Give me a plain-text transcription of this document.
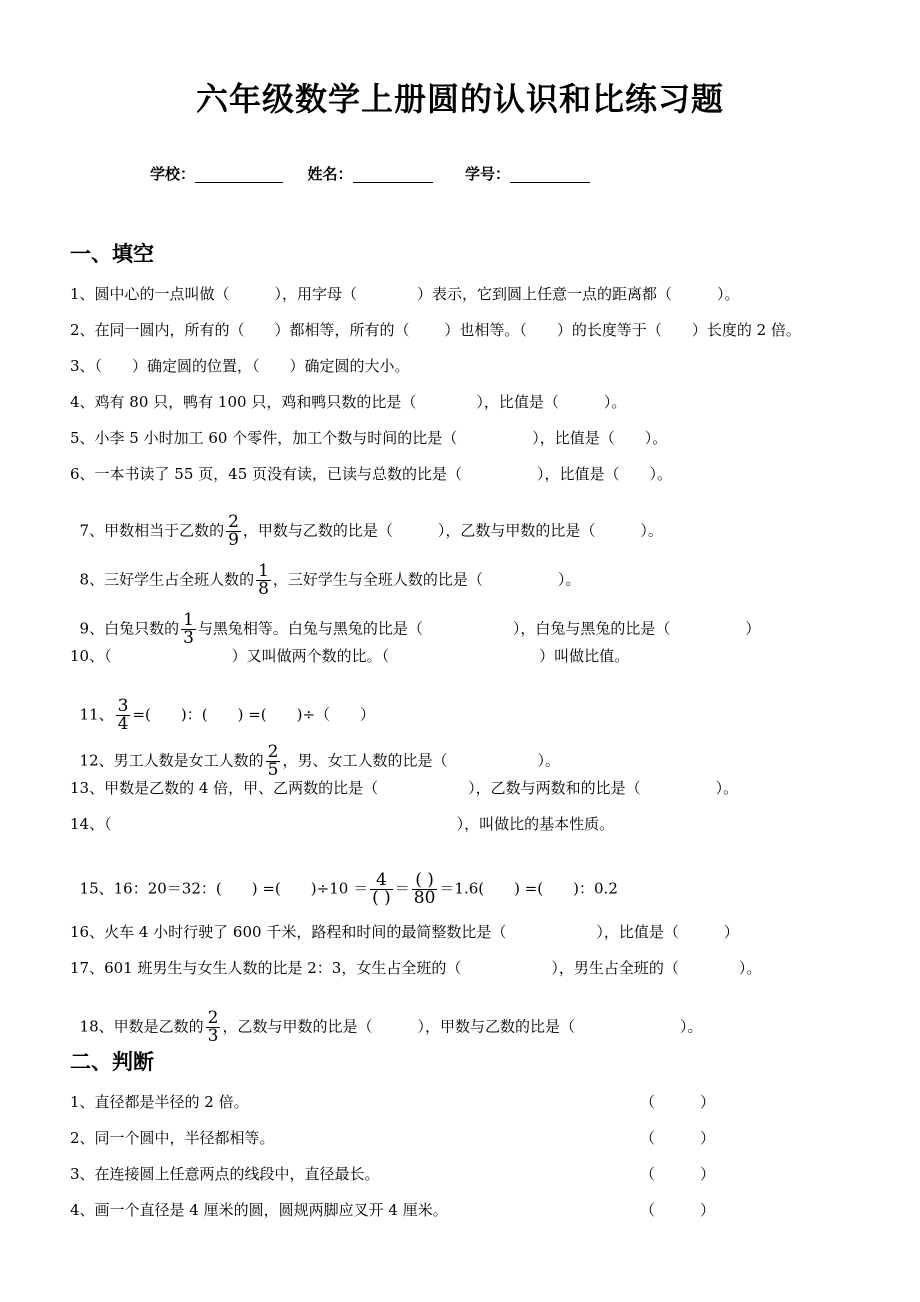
六年级数学上册圆的认识和比练习题
学校：	姓名：	学号：
一、填空
1、圆中心的一点叫做（　　　），用字母（　　　　）表示，它到圆上任意一点的距离都（　　　）。
2、在同一圆内，所有的（　　）都相等，所有的（　　 ）也相等。（　　）的长度等于（　　）长度的 2 倍。
3、（　　）确定圆的位置，（　　）确定圆的大小。
4、鸡有 80 只，鸭有 100 只，鸡和鸭只数的比是（　　　　），比值是（　　　）。
5、小李 5 小时加工 60 个零件，加工个数与时间的比是（　　　　　），比值是（　　）。
6、一本书读了 55 页，45 页没有读，已读与总数的比是（　　　　　），比值是（　　）。

7、甲数相当于乙数的 $\frac{2}{9}$ ，甲数与乙数的比是（　　　），乙数与甲数的比是（　　　）。

8、三好学生占全班人数的 $\frac{1}{8}$ ，三好学生与全班人数的比是（　　　　　）。

9、白兔只数的 $\frac{1}{3}$ 与黑兔相等。白兔与黑兔的比是（　　　　　　），白兔与黑兔的比是（　　　　　）

10、（　　　　　　　　）又叫做两个数的比。（　　　　　　　　　　）叫做比值。

11、 $\frac{3}{4}$ =(　　)：(　　) =(　　)÷（　　）

12、男工人数是女工人数的 $\frac{2}{5}$ ，男、女工人数的比是（　　　　　　）。

13、甲数是乙数的 4 倍，甲、乙两数的比是（　　　　　　），乙数与两数和的比是（　　　　　）。
14、（　　　　　　　　　　　　　　　　　　　　　　　），叫做比的基本性质。

15、16：20＝32：(　　) =(　　)$\div 10 = \frac{4}{( )} = \frac{( )}{80} =1.6$(　　) =(　　)：0.2

16、火车 4 小时行驶了 600 千米，路程和时间的最简整数比是（　　　　　　），比值是（　　　）
17、601 班男生与女生人数的比是 2：3，女生占全班的（　　　　　　），男生占全班的（　　　　）。

18、甲数是乙数的 $\frac{2}{3}$ ，乙数与甲数的比是（　　　），甲数与乙数的比是（　　　　　　　）。

二、判断
1、直径都是半径的 2 倍。	（　　　）
2、同一个圆中，半径都相等。	（　　　）
3、在连接圆上任意两点的线段中，直径最长。	（　　　）
4、画一个直径是 4 厘米的圆，圆规两脚应叉开 4 厘米。	（　　　）
